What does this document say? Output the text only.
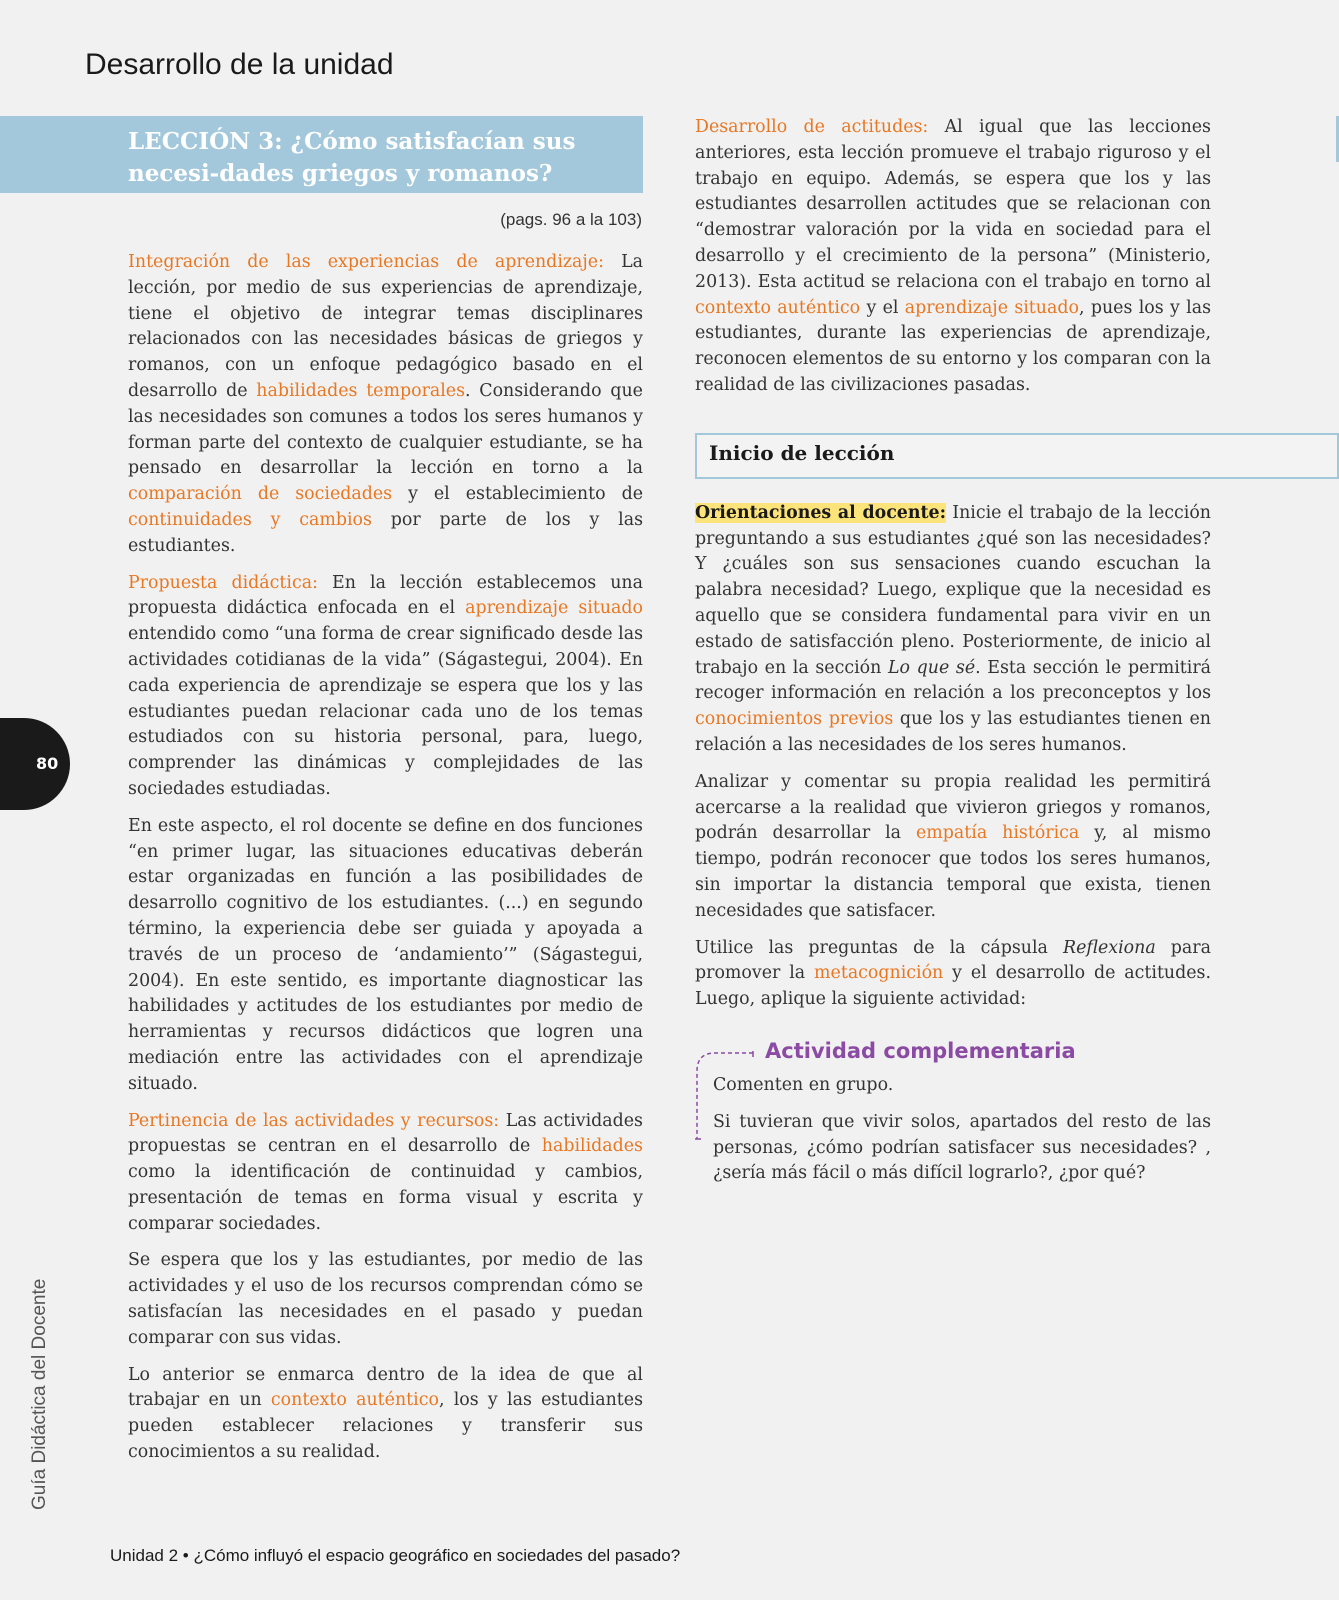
Desarrollo de la unidad
LECCIÓN 3: ¿Cómo satisfacían sus necesi-dades griegos y romanos?
(pags. 96 a la 103)

Integración de las experiencias de aprendizaje: La lección, por medio de sus experiencias de aprendizaje, tiene el objetivo de integrar temas disciplinares relacionados con las necesidades básicas de griegos y romanos, con un enfoque pedagógico basado en el desarrollo de habilidades temporales. Considerando que las necesidades son comunes a todos los seres humanos y forman parte del contexto de cualquier estudiante, se ha pensado en desarrollar la lección en torno a la comparación de sociedades y el establecimiento de continuidades y cambios por parte de los y las estudiantes.

Propuesta didáctica: En la lección establecemos una propuesta didáctica enfocada en el aprendizaje situado entendido como “una forma de crear significado desde las actividades cotidianas de la vida” (Ságastegui, 2004). En cada experiencia de aprendizaje se espera que los y las estudiantes puedan relacionar cada uno de los temas estudiados con su historia personal, para, luego, comprender las dinámicas y complejidades de las sociedades estudiadas.

En este aspecto, el rol docente se define en dos funciones “en primer lugar, las situaciones educativas deberán estar organizadas en función a las posibilidades de desarrollo cognitivo de los estudiantes. (...) en segundo término, la experiencia debe ser guiada y apoyada a través de un proceso de ‘andamiento’” (Ságastegui, 2004). En este sentido, es importante diagnosticar las habilidades y actitudes de los estudiantes por medio de herramientas y recursos didácticos que logren una mediación entre las actividades con el aprendizaje situado.

Pertinencia de las actividades y recursos: Las actividades propuestas se centran en el desarrollo de habilidades como la identificación de continuidad y cambios, presentación de temas en forma visual y escrita y comparar sociedades.

Se espera que los y las estudiantes, por medio de las actividades y el uso de los recursos comprendan cómo se satisfacían las necesidades en el pasado y puedan comparar con sus vidas.

Lo anterior se enmarca dentro de la idea de que al trabajar en un contexto auténtico, los y las estudiantes pueden establecer relaciones y transferir sus conocimientos a su realidad.

Desarrollo de actitudes: Al igual que las lecciones anteriores, esta lección promueve el trabajo riguroso y el trabajo en equipo. Además, se espera que los y las estudiantes desarrollen actitudes que se relacionan con “demostrar valoración por la vida en sociedad para el desarrollo y el crecimiento de la persona” (Ministerio, 2013). Esta actitud se relaciona con el trabajo en torno al contexto auténtico y el aprendizaje situado, pues los y las estudiantes, durante las experiencias de aprendizaje, reconocen elementos de su entorno y los comparan con la realidad de las civilizaciones pasadas.

Inicio de lección

Orientaciones al docente: Inicie el trabajo de la lección preguntando a sus estudiantes ¿qué son las necesidades? Y ¿cuáles son sus sensaciones cuando escuchan la palabra necesidad? Luego, explique que la necesidad es aquello que se considera fundamental para vivir en un estado de satisfacción pleno. Posteriormente, de inicio al trabajo en la sección Lo que sé. Esta sección le permitirá recoger información en relación a los preconceptos y los conocimientos previos que los y las estudiantes tienen en relación a las necesidades de los seres humanos.

Analizar y comentar su propia realidad les permitirá acercarse a la realidad que vivieron griegos y romanos, podrán desarrollar la empatía histórica y, al mismo tiempo, podrán reconocer que todos los seres humanos, sin importar la distancia temporal que exista, tienen necesidades que satisfacer.

Utilice las preguntas de la cápsula Reflexiona para promover la metacognición y el desarrollo de actitudes. Luego, aplique la siguiente actividad:

Actividad complementaria

Comenten en grupo.

Si tuvieran que vivir solos, apartados del resto de las personas, ¿cómo podrían satisfacer sus necesidades? , ¿sería más fácil o más difícil lograrlo?, ¿por qué?

80
Guía Didáctica del Docente
Unidad 2 • ¿Cómo influyó el espacio geográfico en sociedades del pasado?
